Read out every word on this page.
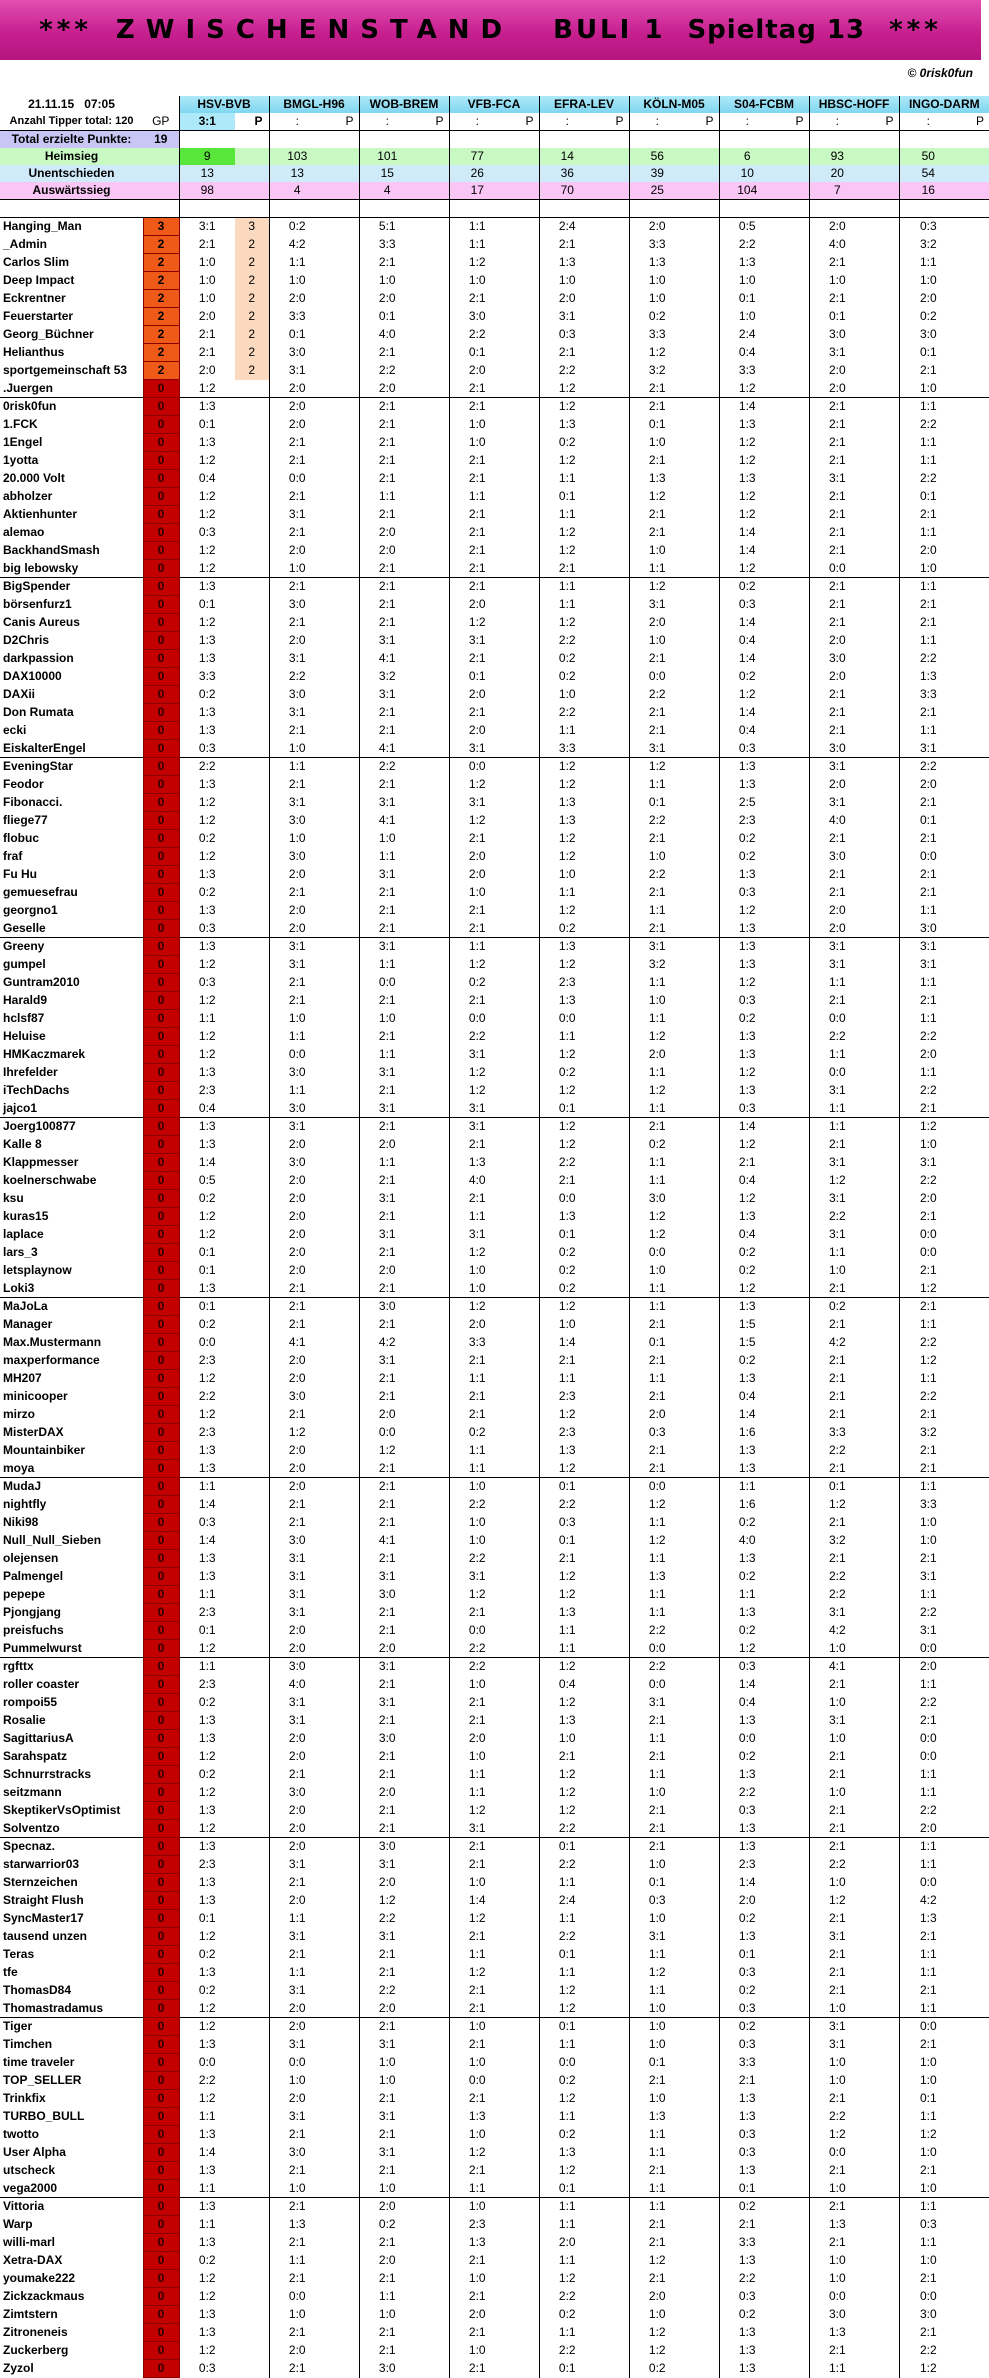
*** ZWISCHENSTAND BULI 1 Spieltag 13 ***
© 0risk0fun
21.11.15 07:05		HSV-BVB		BMGL-H96		WOB-BREM		VFB-FCA		EFRA-LEV		KÖLN-M05		S04-FCBM		HBSC-HOFF		INGO-DARM	
Anzahl Tipper total: 120	GP	3:1	P	:	P	:	P	:	P	:	P	:	P	:	P	:	P	:	P
Total erzielte Punkte:	19																		
Heimsieg		9		103		101		77		14		56		6		93		50	
Unentschieden		13		13		15		26		36		39		10		20		54	
Auswärtssieg		98		4		4		17		70		25		104		7		16	

Hanging_Man	3	3:1	3	0:2		5:1		1:1		2:4		2:0		0:5		2:0		0:3	
_Admin	2	2:1	2	4:2		3:3		1:1		2:1		3:3		2:2		4:0		3:2	
Carlos Slim	2	1:0	2	1:1		2:1		1:2		1:3		1:3		1:3		2:1		1:1	
Deep Impact	2	1:0	2	1:0		1:0		1:0		1:0		1:0		1:0		1:0		1:0	
Eckrentner	2	1:0	2	2:0		2:0		2:1		2:0		1:0		0:1		2:1		2:0	
Feuerstarter	2	2:0	2	3:3		0:1		3:0		3:1		0:2		1:0		0:1		0:2	
Georg_Büchner	2	2:1	2	0:1		4:0		2:2		0:3		3:3		2:4		3:0		3:0	
Helianthus	2	2:1	2	3:0		2:1		0:1		2:1		1:2		0:4		3:1		0:1	
sportgemeinschaft 53	2	2:0	2	3:1		2:2		2:0		2:2		3:2		3:3		2:0		2:1	
.Juergen	0	1:2		2:0		2:0		2:1		1:2		2:1		1:2		2:0		1:0	
0risk0fun	0	1:3		2:0		2:1		2:1		1:2		2:1		1:4		2:1		1:1	
1.FCK	0	0:1		2:0		2:1		1:0		1:3		0:1		1:3		2:1		2:2	
1Engel	0	1:3		2:1		2:1		1:0		0:2		1:0		1:2		2:1		1:1	
1yotta	0	1:2		2:1		2:1		2:1		1:2		2:1		1:2		2:1		1:1	
20.000 Volt	0	0:4		0:0		2:1		2:1		1:1		1:3		1:3		3:1		2:2	
abholzer	0	1:2		2:1		1:1		1:1		0:1		1:2		1:2		2:1		0:1	
Aktienhunter	0	1:2		3:1		2:1		2:1		1:1		2:1		1:2		2:1		2:1	
alemao	0	0:3		2:1		2:0		2:1		1:2		2:1		1:4		2:1		1:1	
BackhandSmash	0	1:2		2:0		2:0		2:1		1:2		1:0		1:4		2:1		2:0	
big lebowsky	0	1:2		1:0		2:1		2:1		2:1		1:1		1:2		0:0		1:0	
BigSpender	0	1:3		2:1		2:1		2:1		1:1		1:2		0:2		2:1		1:1	
börsenfurz1	0	0:1		3:0		2:1		2:0		1:1		3:1		0:3		2:1		2:1	
Canis Aureus	0	1:2		2:1		2:1		1:2		1:2		2:0		1:4		2:1		2:1	
D2Chris	0	1:3		2:0		3:1		3:1		2:2		1:0		0:4		2:0		1:1	
darkpassion	0	1:3		3:1		4:1		2:1		0:2		2:1		1:4		3:0		2:2	
DAX10000	0	3:3		2:2		3:2		0:1		0:2		0:0		0:2		2:0		1:3	
DAXii	0	0:2		3:0		3:1		2:0		1:0		2:2		1:2		2:1		3:3	
Don Rumata	0	1:3		3:1		2:1		2:1		2:2		2:1		1:4		2:1		2:1	
ecki	0	1:3		2:1		2:1		2:0		1:1		2:1		0:4		2:1		1:1	
EiskalterEngel	0	0:3		1:0		4:1		3:1		3:3		3:1		0:3		3:0		3:1	
EveningStar	0	2:2		1:1		2:2		0:0		1:2		1:2		1:3		3:1		2:2	
Feodor	0	1:3		2:1		2:1		1:2		1:2		1:1		1:3		2:0		2:0	
Fibonacci.	0	1:2		3:1		3:1		3:1		1:3		0:1		2:5		3:1		2:1	
fliege77	0	1:2		3:0		4:1		1:2		1:3		2:2		2:3		4:0		0:1	
flobuc	0	0:2		1:0		1:0		2:1		1:2		2:1		0:2		2:1		2:1	
fraf	0	1:2		3:0		1:1		2:0		1:2		1:0		0:2		3:0		0:0	
Fu Hu	0	1:3		2:0		3:1		2:0		1:0		2:2		1:3		2:1		2:1	
gemuesefrau	0	0:2		2:1		2:1		1:0		1:1		2:1		0:3		2:1		2:1	
georgno1	0	1:3		2:0		2:1		2:1		1:2		1:1		1:2		2:0		1:1	
Geselle	0	0:3		2:0		2:1		2:1		0:2		2:1		1:3		2:0		3:0	
Greeny	0	1:3		3:1		3:1		1:1		1:3		3:1		1:3		3:1		3:1	
gumpel	0	1:2		3:1		1:1		1:2		1:2		3:2		1:3		3:1		3:1	
Guntram2010	0	0:3		2:1		0:0		0:2		2:3		1:1		1:2		1:1		1:1	
Harald9	0	1:2		2:1		2:1		2:1		1:3		1:0		0:3		2:1		2:1	
hclsf87	0	1:1		1:0		1:0		0:0		0:0		1:1		0:2		0:0		1:1	
Heluise	0	1:2		1:1		2:1		2:2		1:1		1:2		1:3		2:2		2:2	
HMKaczmarek	0	1:2		0:0		1:1		3:1		1:2		2:0		1:3		1:1		2:0	
Ihrefelder	0	1:3		3:0		3:1		1:2		0:2		1:1		1:2		0:0		1:1	
iTechDachs	0	2:3		1:1		2:1		1:2		1:2		1:2		1:3		3:1		2:2	
jajco1	0	0:4		3:0		3:1		3:1		0:1		1:1		0:3		1:1		2:1	
Joerg100877	0	1:3		3:1		2:1		3:1		1:2		2:1		1:4		1:1		1:2	
Kalle 8	0	1:3		2:0		2:0		2:1		1:2		0:2		1:2		2:1		1:0	
Klappmesser	0	1:4		3:0		1:1		1:3		2:2		1:1		2:1		3:1		3:1	
koelnerschwabe	0	0:5		2:0		2:1		4:0		2:1		1:1		0:4		1:2		2:2	
ksu	0	0:2		2:0		3:1		2:1		0:0		3:0		1:2		3:1		2:0	
kuras15	0	1:2		2:0		2:1		1:1		1:3		1:2		1:3		2:2		2:1	
laplace	0	1:2		2:0		3:1		3:1		0:1		1:2		0:4		3:1		0:0	
lars_3	0	0:1		2:0		2:1		1:2		0:2		0:0		0:2		1:1		0:0	
letsplaynow	0	0:1		2:0		2:0		1:0		0:2		1:0		0:2		1:0		2:1	
Loki3	0	1:3		2:1		2:1		1:0		0:2		1:1		1:2		2:1		1:2	
MaJoLa	0	0:1		2:1		3:0		1:2		1:2		1:1		1:3		0:2		2:1	
Manager	0	0:2		2:1		2:1		2:0		1:0		2:1		1:5		2:1		1:1	
Max.Mustermann	0	0:0		4:1		4:2		3:3		1:4		0:1		1:5		4:2		2:2	
maxperformance	0	2:3		2:0		3:1		2:1		2:1		2:1		0:2		2:1		1:2	
MH207	0	1:2		2:0		2:1		1:1		1:1		1:1		1:3		2:1		1:1	
minicooper	0	2:2		3:0		2:1		2:1		2:3		2:1		0:4		2:1		2:2	
mirzo	0	1:2		2:1		2:0		2:1		1:2		2:0		1:4		2:1		2:1	
MisterDAX	0	2:3		1:2		0:0		0:2		2:3		0:3		1:6		3:3		3:2	
Mountainbiker	0	1:3		2:0		1:2		1:1		1:3		2:1		1:3		2:2		2:1	
moya	0	1:3		2:0		2:1		1:1		1:2		2:1		1:3		2:1		2:1	
MudaJ	0	1:1		2:0		2:1		1:0		0:1		0:0		1:1		0:1		1:1	
nightfly	0	1:4		2:1		2:1		2:2		2:2		1:2		1:6		1:2		3:3	
Niki98	0	0:3		2:1		2:1		1:0		0:3		1:1		0:2		2:1		1:0	
Null_Null_Sieben	0	1:4		3:0		4:1		1:0		0:1		1:2		4:0		3:2		1:0	
olejensen	0	1:3		3:1		2:1		2:2		2:1		1:1		1:3		2:1		2:1	
Palmengel	0	1:3		3:1		3:1		3:1		1:2		1:3		0:2		2:2		3:1	
pepepe	0	1:1		3:1		3:0		1:2		1:2		1:1		1:1		2:2		1:1	
Pjongjang	0	2:3		3:1		2:1		2:1		1:3		1:1		1:3		3:1		2:2	
preisfuchs	0	0:1		2:0		2:1		0:0		1:1		2:2		0:2		4:2		3:1	
Pummelwurst	0	1:2		2:0		2:0		2:2		1:1		0:0		1:2		1:0		0:0	
rgfttx	0	1:1		3:0		3:1		2:2		1:2		2:2		0:3		4:1		2:0	
roller coaster	0	2:3		4:0		2:1		1:0		0:4		0:0		1:4		2:1		1:1	
rompoi55	0	0:2		3:1		3:1		2:1		1:2		3:1		0:4		1:0		2:2	
Rosalie	0	1:3		3:1		2:1		2:1		1:3		2:1		1:3		3:1		2:1	
SagittariusA	0	1:3		2:0		3:0		2:0		1:0		1:1		0:0		1:0		0:0	
Sarahspatz	0	1:2		2:0		2:1		1:0		2:1		2:1		0:2		2:1		0:0	
Schnurrstracks	0	0:2		2:1		2:1		1:1		1:2		1:1		1:3		2:1		1:1	
seitzmann	0	1:2		3:0		2:0		1:1		1:2		1:0		2:2		1:0		1:1	
SkeptikerVsOptimist	0	1:3		2:0		2:1		1:2		1:2		2:1		0:3		2:1		2:2	
Solventzo	0	1:2		2:0		2:1		3:1		2:2		2:1		1:3		2:1		2:0	
Specnaz.	0	1:3		2:0		3:0		2:1		0:1		2:1		1:3		2:1		1:1	
starwarrior03	0	2:3		3:1		3:1		2:1		2:2		1:0		2:3		2:2		1:1	
Sternzeichen	0	1:3		2:1		2:0		1:0		1:1		0:1		1:4		1:0		0:0	
Straight Flush	0	1:3		2:0		1:2		1:4		2:4		0:3		2:0		1:2		4:2	
SyncMaster17	0	0:1		1:1		2:2		1:2		1:1		1:0		0:2		2:1		1:3	
tausend unzen	0	1:2		3:1		3:1		2:1		2:2		3:1		1:3		3:1		2:1	
Teras	0	0:2		2:1		2:1		1:1		0:1		1:1		0:1		2:1		1:1	
tfe	0	1:3		1:1		2:1		1:2		1:1		1:2		0:3		2:1		1:1	
ThomasD84	0	0:2		3:1		2:2		2:1		1:2		1:1		0:2		2:1		2:1	
Thomastradamus	0	1:2		2:0		2:0		2:1		1:2		1:0		0:3		1:0		1:1	
Tiger	0	1:2		2:0		2:1		1:0		0:1		1:0		0:2		3:1		0:0	
Timchen	0	1:3		3:1		3:1		2:1		1:1		1:0		0:3		3:1		2:1	
time traveler	0	0:0		0:0		1:0		1:0		0:0		0:1		3:3		1:0		1:0	
TOP_SELLER	0	2:2		1:0		1:0		0:0		0:2		2:1		2:1		1:0		1:0	
Trinkfix	0	1:2		2:0		2:1		2:1		1:2		1:0		1:3		2:1		0:1	
TURBO_BULL	0	1:1		3:1		3:1		1:3		1:1		1:3		1:3		2:2		1:1	
twotto	0	1:3		2:1		2:1		1:0		0:2		1:1		0:3		1:2		1:2	
User Alpha	0	1:4		3:0		3:1		1:2		1:3		1:1		0:3		0:0		1:0	
utscheck	0	1:3		2:1		2:1		2:1		1:2		2:1		1:3		2:1		2:1	
vega2000	0	1:1		1:0		1:0		1:1		0:1		1:1		0:1		1:0		1:0	
Vittoria	0	1:3		2:1		2:0		1:0		1:1		1:1		0:2		2:1		1:1	
Warp	0	1:1		1:3		0:2		2:3		1:1		2:1		2:1		1:3		0:3	
willi-marl	0	1:3		2:1		2:1		1:3		2:0		2:1		3:3		2:1		1:1	
Xetra-DAX	0	0:2		1:1		2:0		2:1		1:1		1:2		1:3		1:0		1:0	
youmake222	0	1:2		2:1		2:1		1:0		1:2		2:1		2:2		1:0		2:1	
Zickzackmaus	0	1:2		0:0		1:1		2:1		2:2		2:0		0:3		0:0		0:0	
Zimtstern	0	1:3		1:0		1:0		2:0		0:2		1:0		0:2		3:0		3:0	
Zitroneneis	0	1:3		2:1		2:1		2:1		1:1		1:2		1:3		1:3		2:1	
Zuckerberg	0	1:2		2:0		2:1		1:0		2:2		1:2		1:3		2:1		2:2	
Zyzol	0	0:3		2:1		3:0		2:1		0:1		0:2		1:3		1:1		1:2	
